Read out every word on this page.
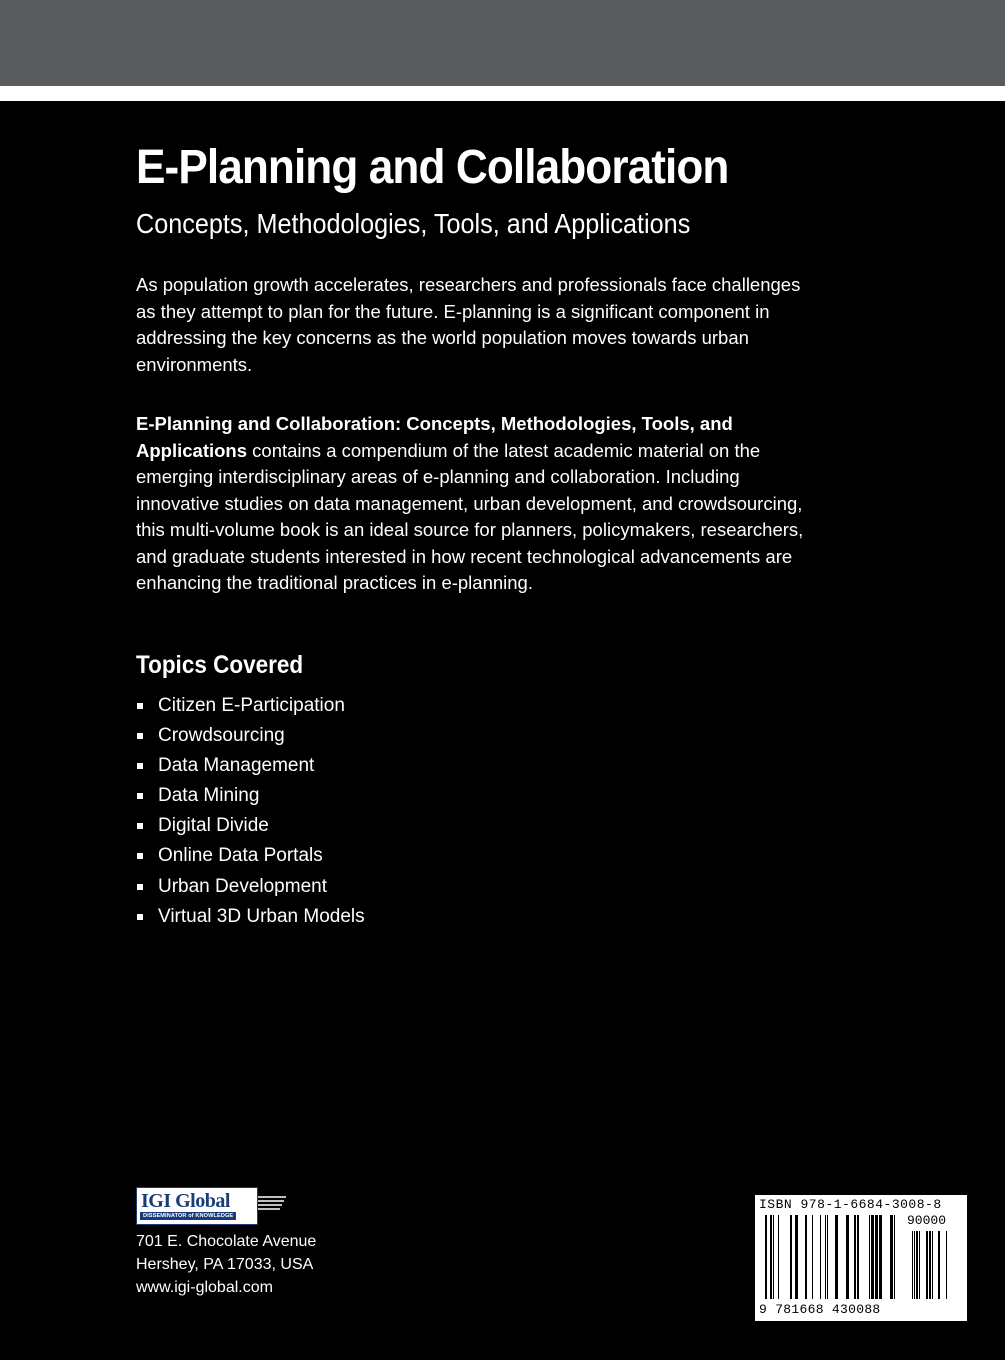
E-Planning and Collaboration
Concepts, Methodologies, Tools, and Applications
As population growth accelerates, researchers and professionals face challenges as they attempt to plan for the future. E-planning is a significant component in addressing the key concerns as the world population moves towards urban environments.
E-Planning and Collaboration: Concepts, Methodologies, Tools, and Applications contains a compendium of the latest academic material on the emerging interdisciplinary areas of e-planning and collaboration. Including innovative studies on data management, urban development, and crowdsourcing, this multi-volume book is an ideal source for planners, policymakers, researchers, and graduate students interested in how recent technological advancements are enhancing the traditional practices in e-planning.
Topics Covered
Citizen E-Participation
Crowdsourcing
Data Management
Data Mining
Digital Divide
Online Data Portals
Urban Development
Virtual 3D Urban Models
IGI Global
DISSEMINATOR of KNOWLEDGE
701 E. Chocolate Avenue
Hershey, PA 17033, USA
www.igi-global.com
ISBN 978-1-6684-3008-8
90000
9 781668 430088
